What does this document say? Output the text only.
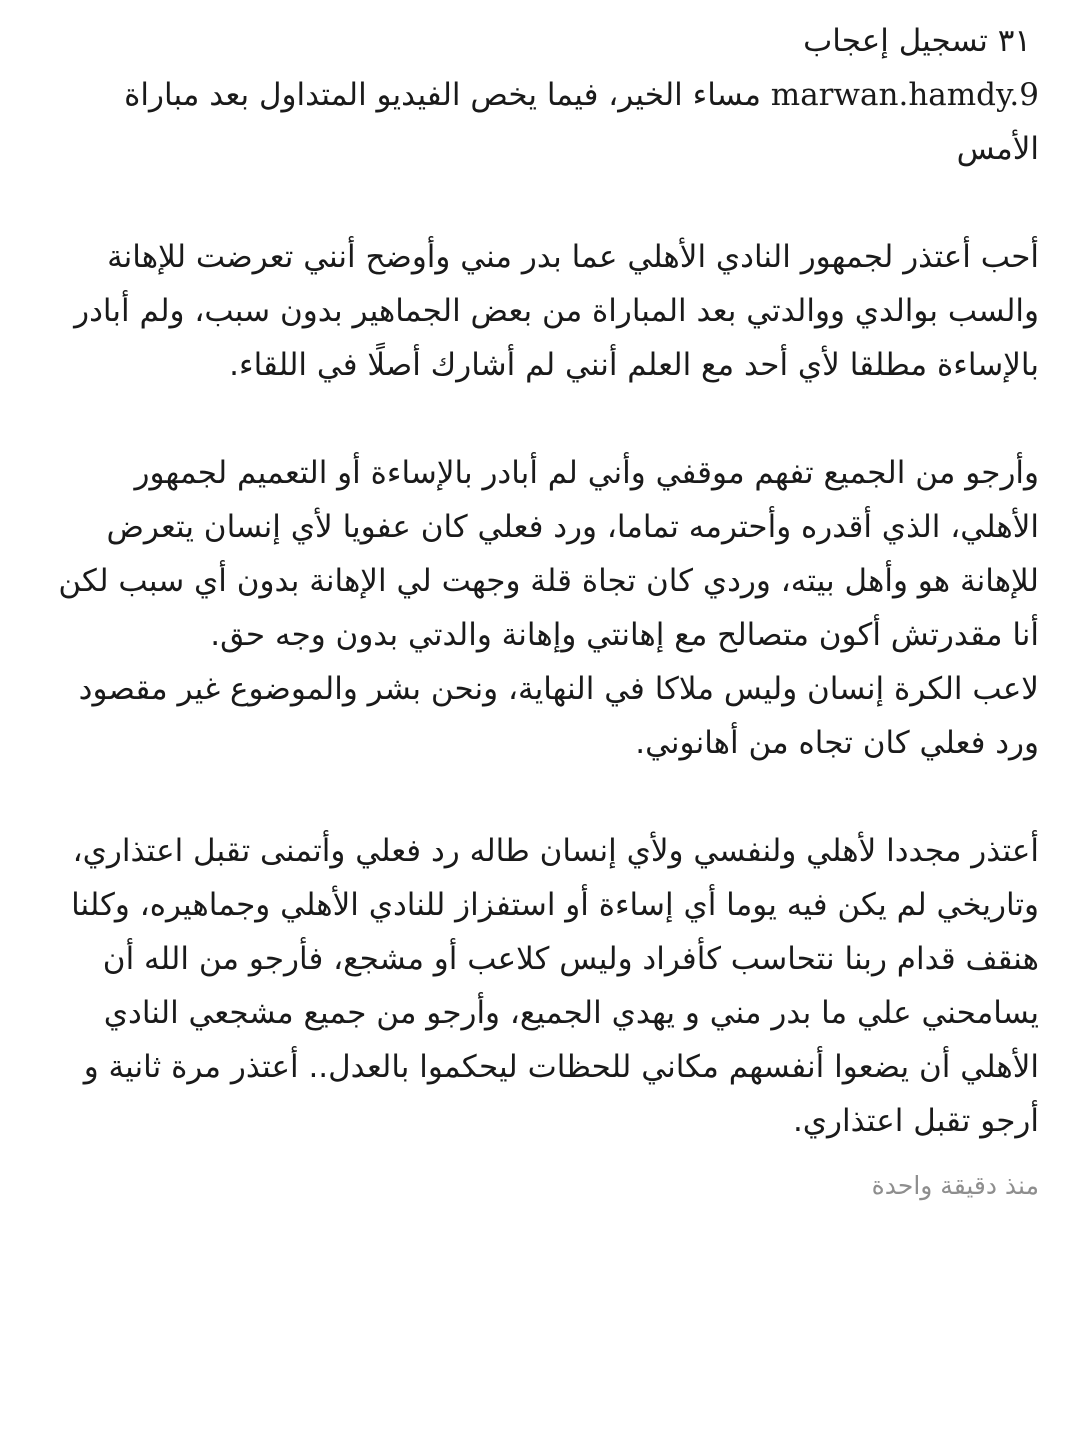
٣١ تسجيل إعجاب

marwan.hamdy.9 مساء الخير، فيما يخص الفيديو المتداول بعد مباراة الأمس

أحب أعتذر لجمهور النادي الأهلي عما بدر مني وأوضح أنني تعرضت للإهانة والسب بوالدي ووالدتي بعد المباراة من بعض الجماهير بدون سبب، ولم أبادر بالإساءة مطلقا لأي أحد مع العلم أنني لم أشارك أصلًا في اللقاء.

وأرجو من الجميع تفهم موقفي وأني لم أبادر بالإساءة أو التعميم لجمهور الأهلي، الذي أقدره وأحترمه تماما، ورد فعلي كان عفويا لأي إنسان يتعرض للإهانة هو وأهل بيته، وردي كان تجاة قلة وجهت لي الإهانة بدون أي سبب لكن أنا مقدرتش أكون متصالح مع إهانتي وإهانة والدتي بدون وجه حق.
لاعب الكرة إنسان وليس ملاكا في النهاية، ونحن بشر والموضوع غير مقصود ورد فعلي كان تجاه من أهانوني.

أعتذر مجددا لأهلي ولنفسي ولأي إنسان طاله رد فعلي وأتمنى تقبل اعتذاري، وتاريخي لم يكن فيه يوما أي إساءة أو استفزاز للنادي الأهلي وجماهيره، وكلنا هنقف قدام ربنا نتحاسب كأفراد وليس كلاعب أو مشجع، فأرجو من الله أن يسامحني علي ما بدر مني و يهدي الجميع، وأرجو من جميع مشجعي النادي الأهلي أن يضعوا أنفسهم مكاني للحظات ليحكموا بالعدل.. أعتذر مرة ثانية و أرجو تقبل اعتذاري.

منذ دقيقة واحدة
